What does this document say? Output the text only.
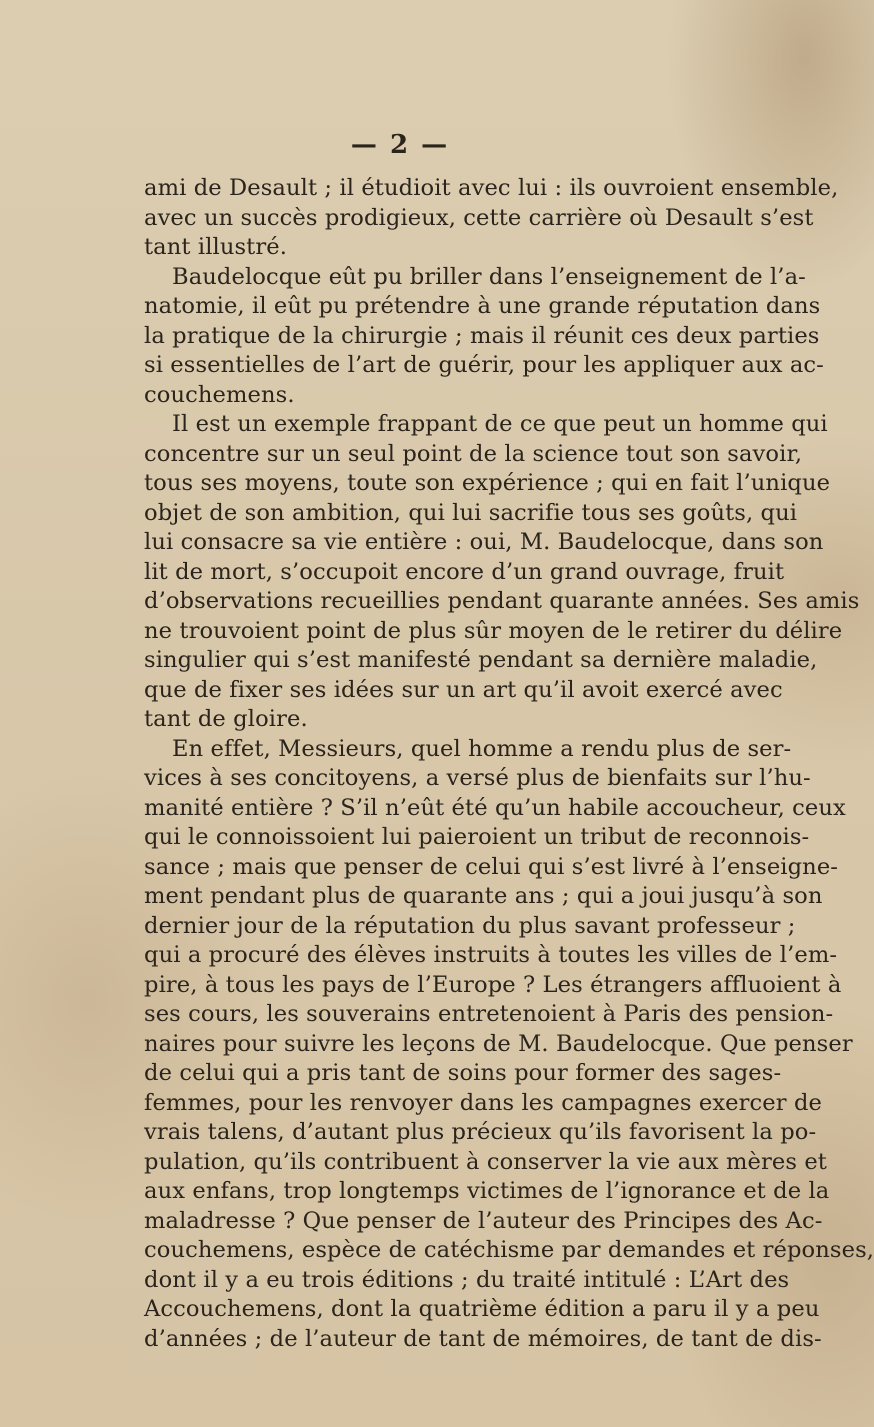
— 2 —
ami de Desault ; il étudioit avec lui : ils ouvroient ensemble,
avec un succès prodigieux, cette carrière où Desault s’est
tant illustré.
Baudelocque eût pu briller dans l’enseignement de l’a-
natomie, il eût pu prétendre à une grande réputation dans
la pratique de la chirurgie ; mais il réunit ces deux parties
si essentielles de l’art de guérir, pour les appliquer aux ac-
couchemens.
Il est un exemple frappant de ce que peut un homme qui
concentre sur un seul point de la science tout son savoir,
tous ses moyens, toute son expérience ; qui en fait l’unique
objet de son ambition, qui lui sacrifie tous ses goûts, qui
lui consacre sa vie entière : oui, M. Baudelocque, dans son
lit de mort, s’occupoit encore d’un grand ouvrage, fruit
d’observations recueillies pendant quarante années. Ses amis
ne trouvoient point de plus sûr moyen de le retirer du délire
singulier qui s’est manifesté pendant sa dernière maladie,
que de fixer ses idées sur un art qu’il avoit exercé avec
tant de gloire.
En effet, Messieurs, quel homme a rendu plus de ser-
vices à ses concitoyens, a versé plus de bienfaits sur l’hu-
manité entière ? S’il n’eût été qu’un habile accoucheur, ceux
qui le connoissoient lui paieroient un tribut de reconnois-
sance ; mais que penser de celui qui s’est livré à l’enseigne-
ment pendant plus de quarante ans ; qui a joui jusqu’à son
dernier jour de la réputation du plus savant professeur ;
qui a procuré des élèves instruits à toutes les villes de l’em-
pire, à tous les pays de l’Europe ? Les étrangers affluoient à
ses cours, les souverains entretenoient à Paris des pension-
naires pour suivre les leçons de M. Baudelocque. Que penser
de celui qui a pris tant de soins pour former des sages-
femmes, pour les renvoyer dans les campagnes exercer de
vrais talens, d’autant plus précieux qu’ils favorisent la po-
pulation, qu’ils contribuent à conserver la vie aux mères et
aux enfans, trop longtemps victimes de l’ignorance et de la
maladresse ? Que penser de l’auteur des Principes des Ac-
couchemens, espèce de catéchisme par demandes et réponses,
dont il y a eu trois éditions ; du traité intitulé : L’Art des
Accouchemens, dont la quatrième édition a paru il y a peu
d’années ; de l’auteur de tant de mémoires, de tant de dis-
